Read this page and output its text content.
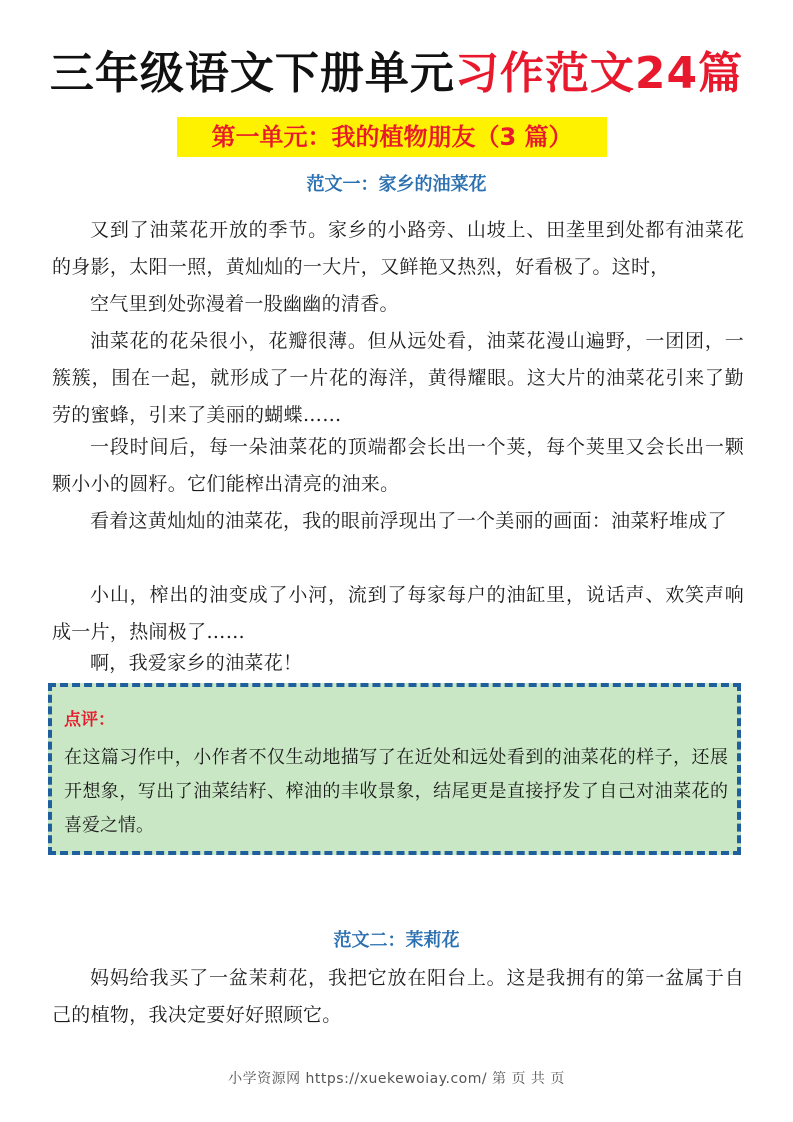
三年级语文下册单元习作范文24篇
第一单元：我的植物朋友（3 篇）
范文一：家乡的油菜花
又到了油菜花开放的季节。家乡的小路旁、山坡上、田垄里到处都有油菜花的身影，太阳一照，黄灿灿的一大片，又鲜艳又热烈，好看极了。这时，
空气里到处弥漫着一股幽幽的清香。
油菜花的花朵很小，花瓣很薄。但从远处看，油菜花漫山遍野，一团团，一簇簇，围在一起，就形成了一片花的海洋，黄得耀眼。这大片的油菜花引来了勤劳的蜜蜂，引来了美丽的蝴蝶……
一段时间后，每一朵油菜花的顶端都会长出一个荚，每个荚里又会长出一颗颗小小的圆籽。它们能榨出清亮的油来。
看着这黄灿灿的油菜花，我的眼前浮现出了一个美丽的画面：油菜籽堆成了
小山，榨出的油变成了小河，流到了每家每户的油缸里，说话声、欢笑声响成一片，热闹极了……
啊，我爱家乡的油菜花！
点评：
在这篇习作中，小作者不仅生动地描写了在近处和远处看到的油菜花的样子，还展开想象，写出了油菜结籽、榨油的丰收景象，结尾更是直接抒发了自己对油菜花的喜爱之情。
范文二：茉莉花
妈妈给我买了一盆茉莉花，我把它放在阳台上。这是我拥有的第一盆属于自己的植物，我决定要好好照顾它。
小学资源网 https://xuekewoiay.com/ 第 页 共 页
